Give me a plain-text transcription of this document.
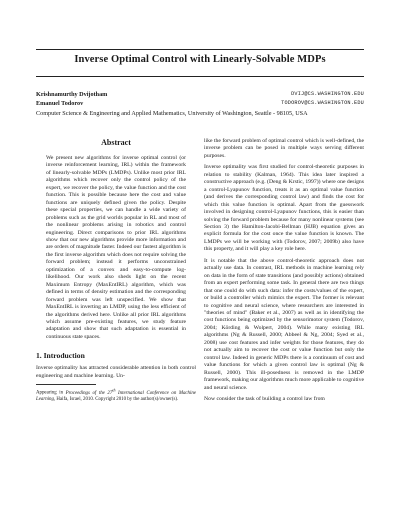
Inverse Optimal Control with Linearly-Solvable MDPs
Krishnamurthy Dvijotham	DVIJ@CS.WASHINGTON.EDU
Emanuel Todorov	TODOROV@CS.WASHINGTON.EDU
Computer Science & Engineering and Applied Mathematics, University of Washington, Seattle - 98105, USA
Abstract
We present new algorithms for inverse optimal control (or inverse reinforcement learning, IRL) within the framework of linearly-solvable MDPs (LMDPs). Unlike most prior IRL algorithms which recover only the control policy of the expert, we recover the policy, the value function and the cost function. This is possible because here the cost and value functions are uniquely defined given the policy. Despite these special properties, we can handle a wide variety of problems such as the grid worlds popular in RL and most of the nonlinear problems arising in robotics and control engineering. Direct comparisons to prior IRL algorithms show that our new algorithms provide more information and are orders of magnitude faster. Indeed our fastest algorithm is the first inverse algorithm which does not require solving the forward problem; instead it performs unconstrained optimization of a convex and easy-to-compute log-likelihood. Our work also sheds light on the recent Maximum Entropy (MaxEntIRL) algorithm, which was defined in terms of density estimation and the corresponding forward problem was left unspecified. We show that MaxEntIRL is inverting an LMDP, using the less efficient of the algorithms derived here. Unlike all prior IRL algorithms which assume pre-existing features, we study feature adaptation and show that such adaptation is essential in continuous state spaces.
1. Introduction

Inverse optimality has attracted considerable attention in both control engineering and machine learning. Un-

Appearing in Proceedings of the 27th International Conference on Machine Learning, Haifa, Israel, 2010. Copyright 2010 by the author(s)/owner(s).

like the forward problem of optimal control which is well-defined, the inverse problem can be posed in multiple ways serving different purposes.

Inverse optimality was first studied for control-theoretic purposes in relation to stability (Kalman, 1964). This idea later inspired a constructive approach (e.g. (Deng & Krstic, 1997)) where one designs a control-Lyapunov function, treats it as an optimal value function (and derives the corresponding control law) and finds the cost for which this value function is optimal. Apart from the guesswork involved in designing control-Lyapunov functions, this is easier than solving the forward problem because for many nonlinear systems (see Section 3) the Hamilton-Jacobi-Bellman (HJB) equation gives an explicit formula for the cost once the value function is known. The LMDPs we will be working with (Todorov, 2007; 2009b) also have this property, and it will play a key role here.

It is notable that the above control-theoretic approach does not actually use data. In contrast, IRL methods in machine learning rely on data in the form of state transitions (and possibly actions) obtained from an expert performing some task. In general there are two things that one could do with such data: infer the costs/values of the expert, or build a controller which mimics the expert. The former is relevant to cognitive and neural science, where researchers are interested in "theories of mind" (Baker et al., 2007) as well as in identifying the cost functions being optimized by the sensorimotor system (Todorov, 2004; Körding & Wolpert, 2004). While many existing IRL algorithms (Ng & Russell, 2000; Abbeel & Ng, 2004; Syed et al., 2008) use cost features and infer weights for those features, they do not actually aim to recover the cost or value function but only the control law. Indeed in generic MDPs there is a continuum of cost and value functions for which a given control law is optimal (Ng & Russell, 2000). This ill-posedness is removed in the LMDP framework, making our algorithms much more applicable to cognitive and neural science.

Now consider the task of building a control law from
